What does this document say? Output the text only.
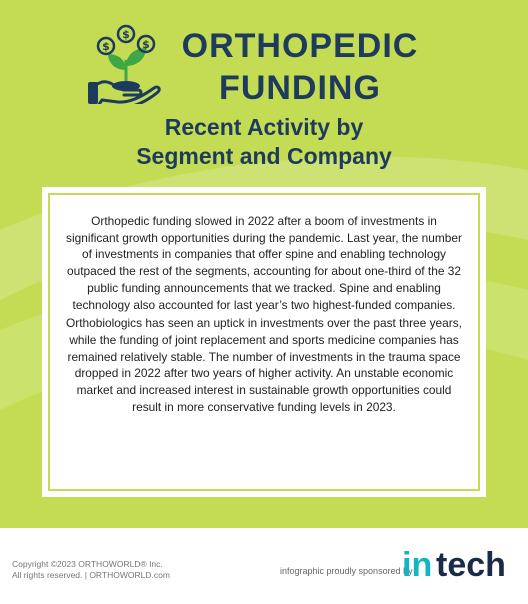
$
$
$ ORTHOPEDIC
FUNDING
Recent Activity by
Segment and Company

Orthopedic funding slowed in 2022 after a boom of investments in significant growth opportunities during the pandemic. Last year, the number of investments in companies that offer spine and enabling technology outpaced the rest of the segments, accounting for about one-third of the 32 public funding announcements that we tracked. Spine and enabling technology also accounted for last year’s two highest-funded companies.

Orthobiologics has seen an uptick in investments over the past three years, while the funding of joint replacement and sports medicine companies has remained relatively stable. The number of investments in the trauma space dropped in 2022 after two years of higher activity. An unstable economic market and increased interest in sustainable growth opportunities could result in more conservative funding levels in 2023.

Copyright ©2023 ORTHOWORLD® Inc.
All rights reserved. | ORTHOWORLD.com	infographic proudly sponsored by
in tech
